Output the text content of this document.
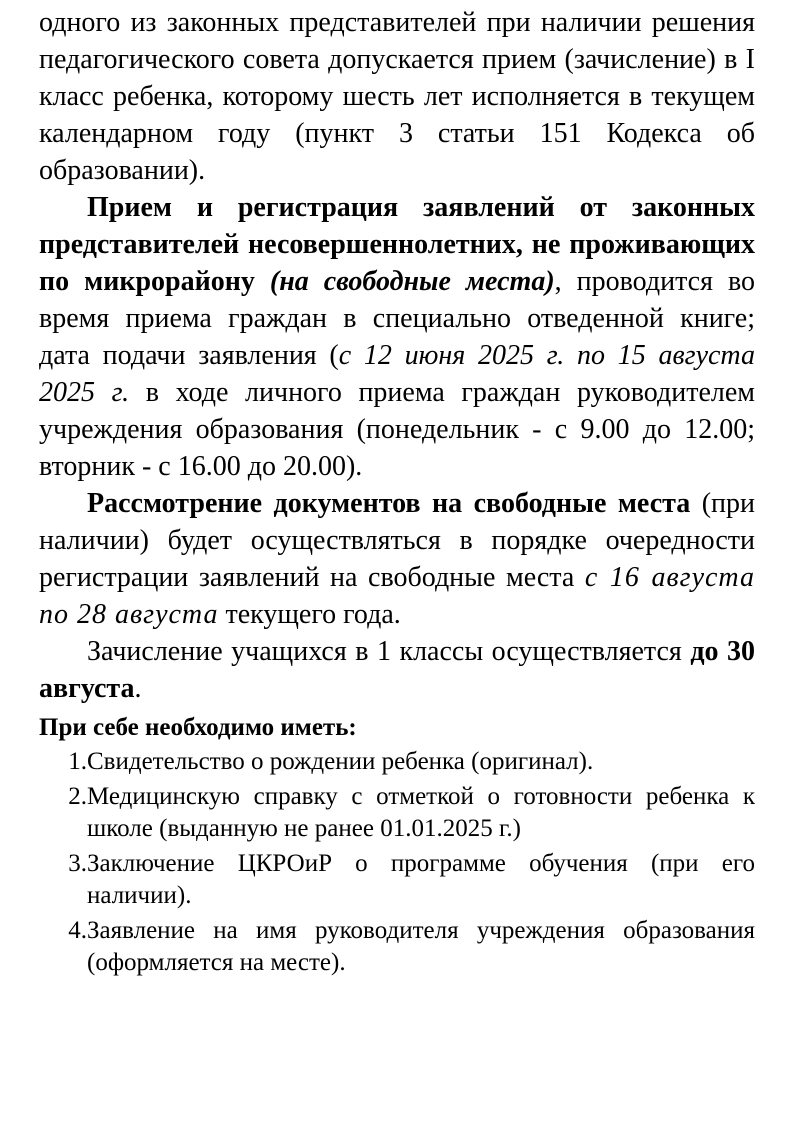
одного из законных представителей при наличии решения педагогического совета допускается прием (зачисление) в I класс ребенка, которому шесть лет исполняется в текущем календарном году (пункт 3 статьи 151 Кодекса об образовании).

Прием и регистрация заявлений от законных представителей несовершеннолетних, не проживающих по микрорайону (на свободные места), проводится во время приема граждан в специально отведенной книге; дата подачи заявления (с 12 июня 2025 г. по 15 августа 2025 г. в ходе личного приема граждан руководителем учреждения образования (понедельник - с 9.00 до 12.00; вторник - с 16.00 до 20.00).

Рассмотрение документов на свободные места (при наличии) будет осуществляться в порядке очередности регистрации заявлений на свободные места с 16 августа по 28 августа текущего года.

Зачисление учащихся в 1 классы осуществляется до 30 августа.

При себе необходимо иметь:

1. Свидетельство о рождении ребенка (оригинал).
2. Медицинскую справку с отметкой о готовности ребенка к школе (выданную не ранее 01.01.2025 г.)
3. Заключение ЦКРОиР о программе обучения (при его наличии).
4. Заявление на имя руководителя учреждения образования (оформляется на месте).
